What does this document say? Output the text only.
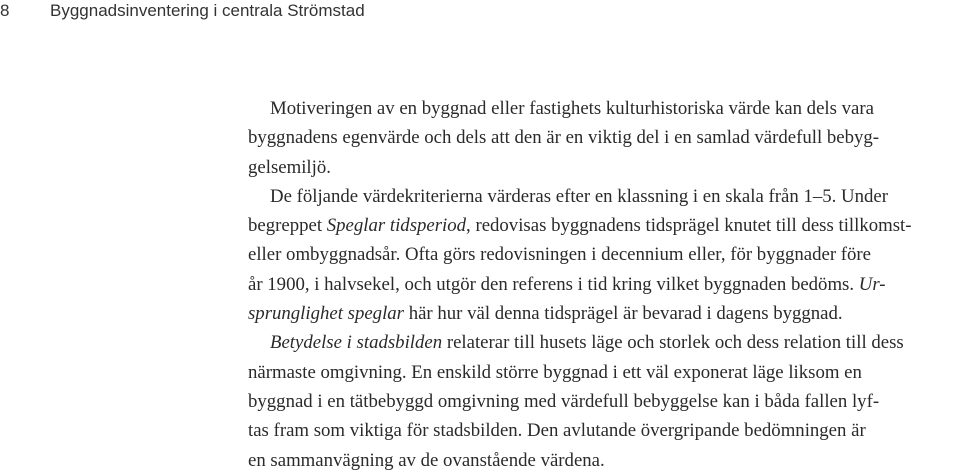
8 Byggnadsinventering i centrala Strömstad
Motiveringen av en byggnad eller fastighets kulturhistoriska värde kan dels vara
byggnadens egenvärde och dels att den är en viktig del i en samlad värdefull bebyg-
gelsemiljö.
De följande värdekriterierna värderas efter en klassning i en skala från 1–5. Under
begreppet Speglar tidsperiod, redovisas byggnadens tidsprägel knutet till dess tillkomst-
eller ombyggnadsår. Ofta görs redovisningen i decennium eller, för byggnader före
år 1900, i halvsekel, och utgör den referens i tid kring vilket byggnaden bedöms. Ur-
sprunglighet speglar här hur väl denna tidsprägel är bevarad i dagens byggnad.
Betydelse i stadsbilden relaterar till husets läge och storlek och dess relation till dess
närmaste omgivning. En enskild större byggnad i ett väl exponerat läge liksom en
byggnad i en tätbebyggd omgivning med värdefull bebyggelse kan i båda fallen lyf-
tas fram som viktiga för stadsbilden. Den avlutande övergripande bedömningen är
en sammanvägning av de ovanstående värdena.
